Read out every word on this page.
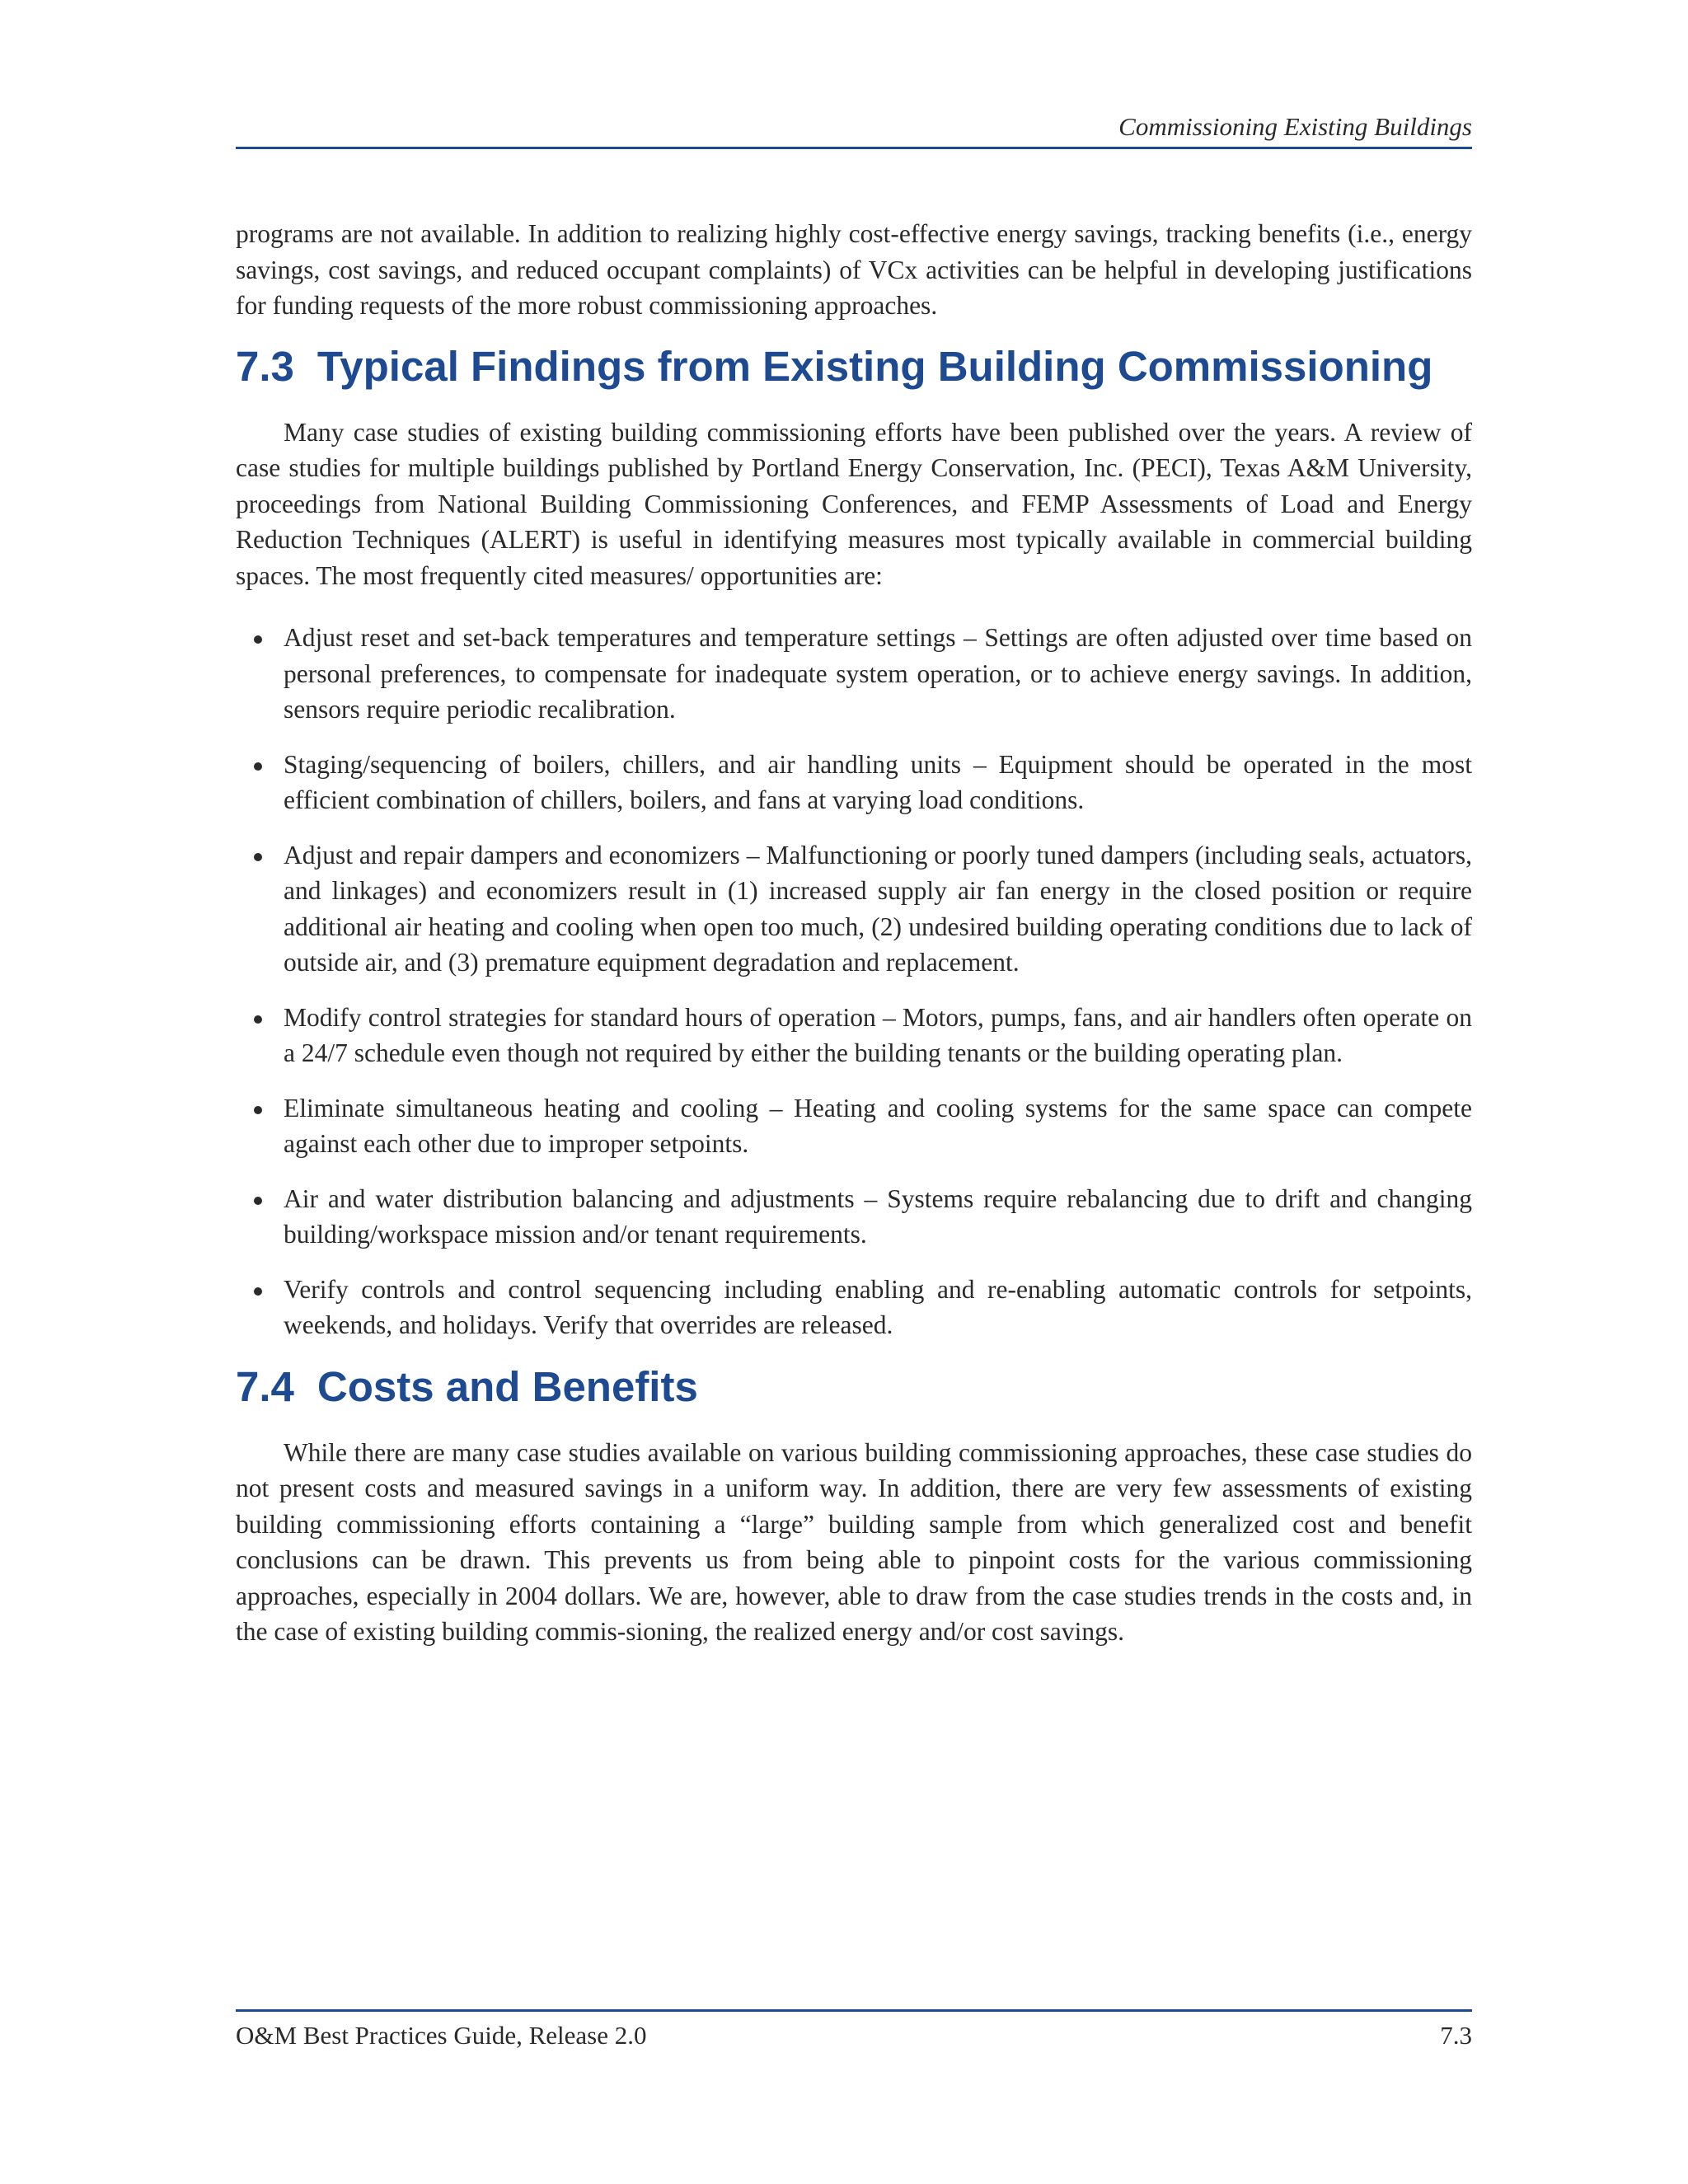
Commissioning Existing Buildings

programs are not available. In addition to realizing highly cost-effective energy savings, tracking benefits (i.e., energy savings, cost savings, and reduced occupant complaints) of VCx activities can be helpful in developing justifications for funding requests of the more robust commissioning approaches.

7.3 Typical Findings from Existing Building Commissioning

Many case studies of existing building commissioning efforts have been published over the years. A review of case studies for multiple buildings published by Portland Energy Conservation, Inc. (PECI), Texas A&M University, proceedings from National Building Commissioning Conferences, and FEMP Assessments of Load and Energy Reduction Techniques (ALERT) is useful in identifying measures most typically available in commercial building spaces. The most frequently cited measures/ opportunities are:

Adjust reset and set-back temperatures and temperature settings – Settings are often adjusted over time based on personal preferences, to compensate for inadequate system operation, or to achieve energy savings. In addition, sensors require periodic recalibration.
Staging/sequencing of boilers, chillers, and air handling units – Equipment should be operated in the most efficient combination of chillers, boilers, and fans at varying load conditions.
Adjust and repair dampers and economizers – Malfunctioning or poorly tuned dampers (including seals, actuators, and linkages) and economizers result in (1) increased supply air fan energy in the closed position or require additional air heating and cooling when open too much, (2) undesired building operating conditions due to lack of outside air, and (3) premature equipment degradation and replacement.
Modify control strategies for standard hours of operation – Motors, pumps, fans, and air handlers often operate on a 24/7 schedule even though not required by either the building tenants or the building operating plan.
Eliminate simultaneous heating and cooling – Heating and cooling systems for the same space can compete against each other due to improper setpoints.
Air and water distribution balancing and adjustments – Systems require rebalancing due to drift and changing building/workspace mission and/or tenant requirements.
Verify controls and control sequencing including enabling and re-enabling automatic controls for setpoints, weekends, and holidays. Verify that overrides are released.
7.4 Costs and Benefits

While there are many case studies available on various building commissioning approaches, these case studies do not present costs and measured savings in a uniform way. In addition, there are very few assessments of existing building commissioning efforts containing a “large” building sample from which generalized cost and benefit conclusions can be drawn. This prevents us from being able to pinpoint costs for the various commissioning approaches, especially in 2004 dollars. We are, however, able to draw from the case studies trends in the costs and, in the case of existing building commis-sioning, the realized energy and/or cost savings.

O&M Best Practices Guide, Release 2.0	7.3
